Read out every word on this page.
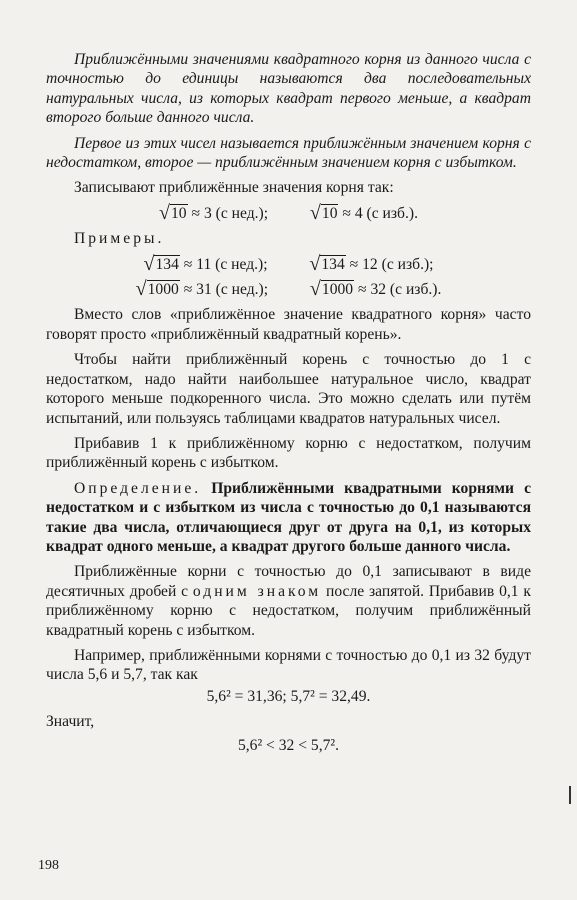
Приближёнными значениями квадратного корня из данного числа с точностью до единицы называются два последовательных натуральных числа, из которых квадрат первого меньше, а квадрат второго больше данного числа.

Первое из этих чисел называется приближённым значением корня с недостатком, второе — приближённым значением корня с избытком.

Записывают приближённые значения корня так:

√10 ≈ 3 (с нед.); √10 ≈ 4 (с изб.).

Примеры.

√134 ≈ 11 (с нед.); √134 ≈ 12 (с изб.);
√1000 ≈ 31 (с нед.); √1000 ≈ 32 (с изб.).

Вместо слов «приближённое значение квадратного корня» часто говорят просто «приближённый квадратный корень».

Чтобы найти приближённый корень с точностью до 1 с недостатком, надо найти наибольшее натуральное число, квадрат которого меньше подкоренного числа. Это можно сделать или путём испытаний, или пользуясь таблицами квадратов натуральных чисел.

Прибавив 1 к приближённому корню с недостатком, получим приближённый корень с избытком.

Определение. Приближёнными квадратными корнями с недостатком и с избытком из числа с точностью до 0,1 называются такие два числа, отличающиеся друг от друга на 0,1, из которых квадрат одного меньше, а квадрат другого больше данного числа.

Приближённые корни с точностью до 0,1 записывают в виде десятичных дробей с одним знаком после запятой. Прибавив 0,1 к приближённому корню с недостатком, получим приближённый квадратный корень с избытком.

Например, приближёнными корнями с точностью до 0,1 из 32 будут числа 5,6 и 5,7, так как

5,6² = 31,36; 5,7² = 32,49.

Значит,

5,6² < 32 < 5,7².
198
